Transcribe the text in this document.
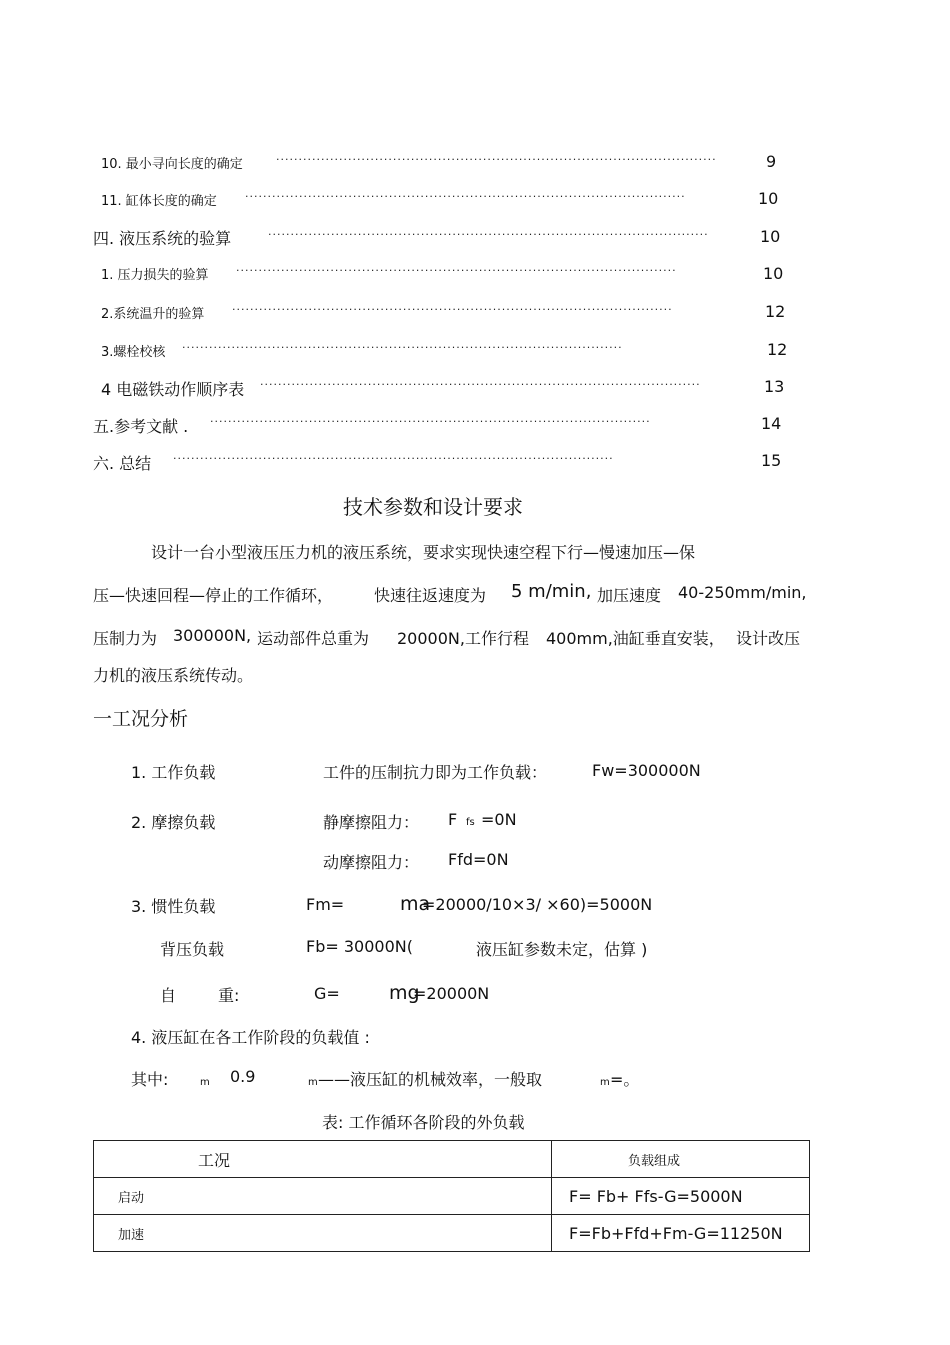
10. 最小寻向长度的确定	··································································································	9
11. 缸体长度的确定	··································································································	10
四. 液压系统的验算	··································································································	10
1. 压力损失的验算 ··································································································	10
2.系统温升的验算	··································································································	12
3.螺栓校核 ··································································································	12
4 电磁铁动作顺序表 ··································································································	13
五.参考文献 . ··································································································	14
六. 总结 ··································································································	15
技术参数和设计要求
设计一台小型液压压力机的液压系统，要求实现快速空程下行—慢速加压—保
压—快速回程—停止的工作循环，	快速往返速度为 5 m/min, 加压速度 40-250mm/min,
压制力为 300000N, 运动部件总重为 20000N,工作行程 400mm,油缸垂直安装， 设计改压
力机的液压系统传动。
一工况分析
1. 工作负载	工件的压制抗力即为工作负载：	Fw=300000N
2. 摩擦负载	静摩擦阻力： F fs =0N
动摩擦阻力： Ffd=0N
3. 惯性负载	Fm=	ma
=20000/10×3/ ×60)=5000N
背压负载	Fb= 30000N(	液压缸参数未定，估算 )
自	重:	G=	mg
=20000N
4. 液压缸在各工作阶段的负载值 :
其中:	m 0.9	m ——液压缸的机械效率，一般取	m =。
表: 工作循环各阶段的外负载
工况	负载组成
启动	F= Fb+ Ffs-G=5000N
加速	F=Fb+Ffd+Fm-G=11250N
